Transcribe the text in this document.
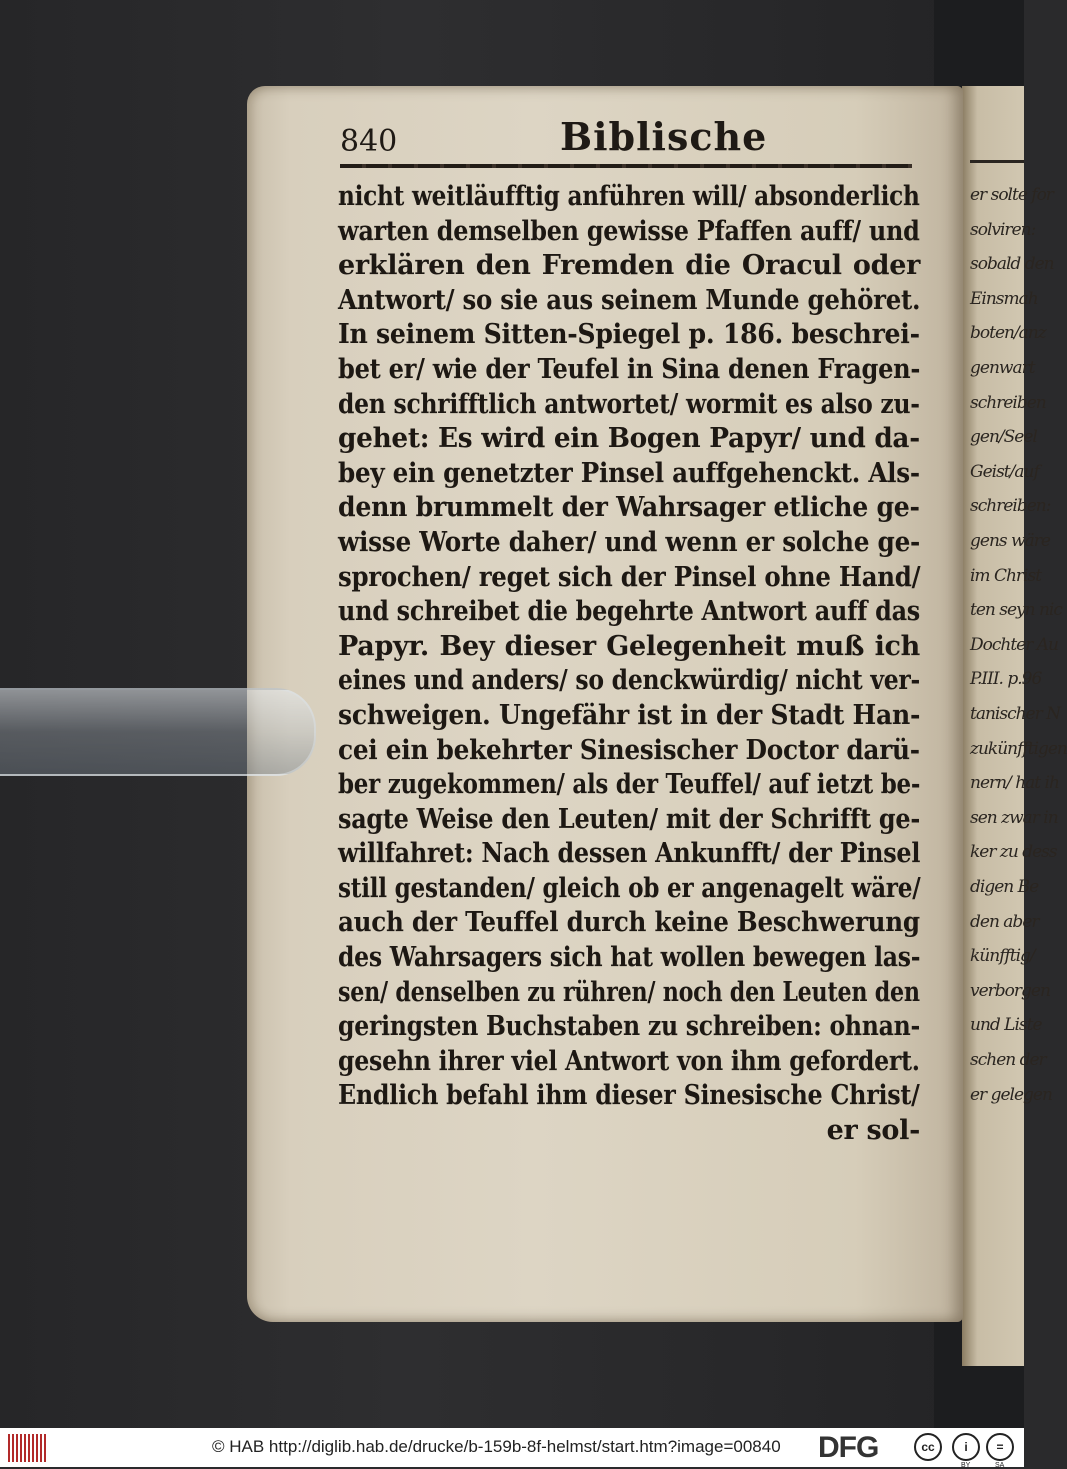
er solte for
solviren:
sobald den
Einsmah
boten/anz
genwart
schreiben
gen/Seel
Geist/auf
schreiben:
gens wäre
im Christ
ten seyn nic
Dochter Au
P.III. p.96
tanischer N
zukünfftigen
nern/ hat ih
sen zwar in
ker zu dess
digen Be
den aber
künfftig/
verborgen
und Liste
schen der
er gelegen
840	Biblische
nicht weitläufftig anführen will/ absonderlich
warten demselben gewisse Pfaffen auff/ und
erklären den Fremden die Oracul oder
Antwort/ so sie aus seinem Munde gehöret.
In seinem Sitten-Spiegel p. 186. beschrei-
bet er/ wie der Teufel in Sina denen Fragen-
den schrifftlich antwortet/ wormit es also zu-
gehet: Es wird ein Bogen Papyr/ und da-
bey ein genetzter Pinsel auffgehenckt. Als-
denn brummelt der Wahrsager etliche ge-
wisse Worte daher/ und wenn er solche ge-
sprochen/ reget sich der Pinsel ohne Hand/
und schreibet die begehrte Antwort auff das
Papyr. Bey dieser Gelegenheit muß ich
eines und anders/ so denckwürdig/ nicht ver-
schweigen. Ungefähr ist in der Stadt Han-
cei ein bekehrter Sinesischer Doctor darü-
ber zugekommen/ als der Teuffel/ auf ietzt be-
sagte Weise den Leuten/ mit der Schrifft ge-
willfahret: Nach dessen Ankunfft/ der Pinsel
still gestanden/ gleich ob er angenagelt wäre/
auch der Teuffel durch keine Beschwerung
des Wahrsagers sich hat wollen bewegen las-
sen/ denselben zu rühren/ noch den Leuten den
geringsten Buchstaben zu schreiben: ohnan-
gesehn ihrer viel Antwort von ihm gefordert.
Endlich befahl ihm dieser Sinesische Christ/
er sol-
© HAB http://diglib.hab.de/drucke/b-159b-8f-helmst/start.htm?image=00840 DFG	cc	i	=
BY	SA
